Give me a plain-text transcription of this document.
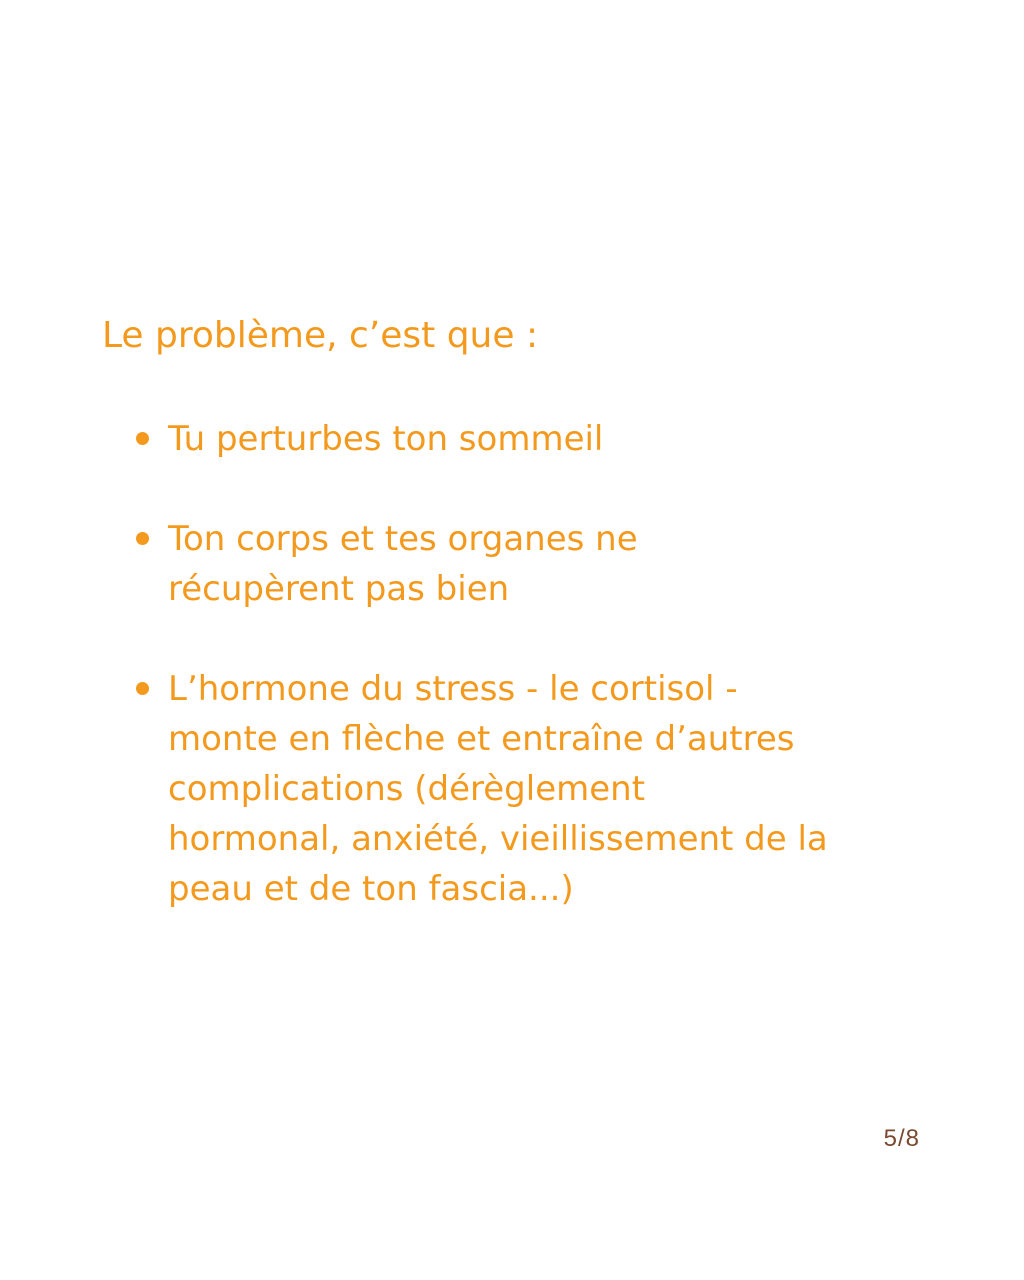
Le problème, c’est que :

Tu perturbes ton sommeil
Ton corps et tes organes ne
récupèrent pas bien
L’hormone du stress - le cortisol -
monte en flèche et entraîne d’autres
complications (dérèglement
hormonal, anxiété, vieillissement de la
peau et de ton fascia...)
5/8
